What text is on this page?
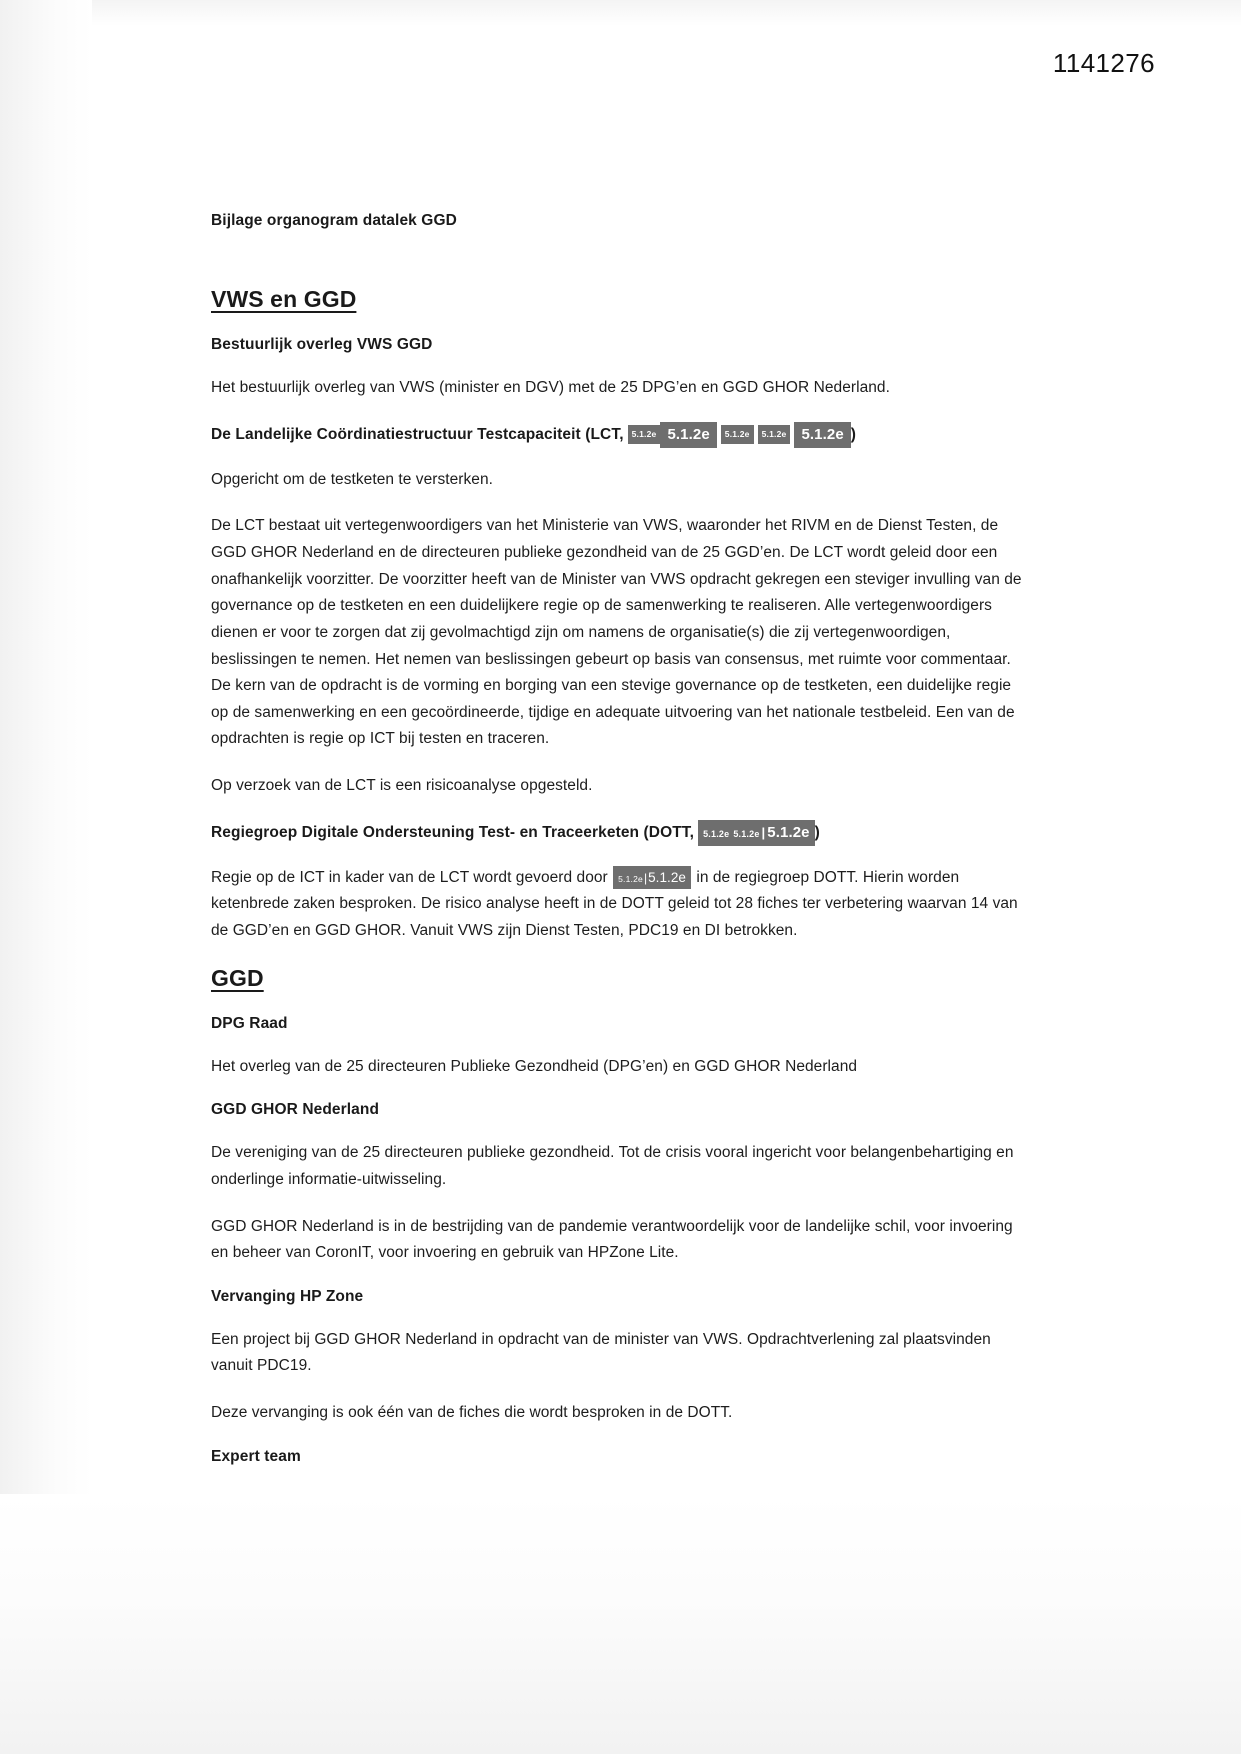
1141276
Bijlage organogram datalek GGD
VWS en GGD
Bestuurlijk overleg VWS GGD

Het bestuurlijk overleg van VWS (minister en DGV) met de 25 DPG’en en GGD GHOR Nederland.

De Landelijke Coördinatiestructuur Testcapaciteit (LCT, 5.1.2e 5.1.2e 5.1.2e 5.1.2e 5.1.2e )

Opgericht om de testketen te versterken.

De LCT bestaat uit vertegenwoordigers van het Ministerie van VWS, waaronder het RIVM en de Dienst Testen, de GGD GHOR Nederland en de directeuren publieke gezondheid van de 25 GGD’en. De LCT wordt geleid door een onafhankelijk voorzitter. De voorzitter heeft van de Minister van VWS opdracht gekregen een steviger invulling van de governance op de testketen en een duidelijkere regie op de samenwerking te realiseren. Alle vertegenwoordigers dienen er voor te zorgen dat zij gevolmachtigd zijn om namens de organisatie(s) die zij vertegenwoordigen, beslissingen te nemen. Het nemen van beslissingen gebeurt op basis van consensus, met ruimte voor commentaar. De kern van de opdracht is de vorming en borging van een stevige governance op de testketen, een duidelijke regie op de samenwerking en een gecoördineerde, tijdige en adequate uitvoering van het nationale testbeleid. Een van de opdrachten is regie op ICT bij testen en traceren.

Op verzoek van de LCT is een risicoanalyse opgesteld.

Regiegroep Digitale Ondersteuning Test- en Traceerketen (DOTT, 5.1.2e 5.1.2e | 5.1.2e )

Regie op de ICT in kader van de LCT wordt gevoerd door 5.1.2e|5.1.2e in de regiegroep DOTT. Hierin worden ketenbrede zaken besproken. De risico analyse heeft in de DOTT geleid tot 28 fiches ter verbetering waarvan 14 van de GGD’en en GGD GHOR. Vanuit VWS zijn Dienst Testen, PDC19 en DI betrokken.

GGD
DPG Raad

Het overleg van de 25 directeuren Publieke Gezondheid (DPG’en) en GGD GHOR Nederland

GGD GHOR Nederland

De vereniging van de 25 directeuren publieke gezondheid. Tot de crisis vooral ingericht voor belangenbehartiging en onderlinge informatie-uitwisseling.

GGD GHOR Nederland is in de bestrijding van de pandemie verantwoordelijk voor de landelijke schil, voor invoering en beheer van CoronIT, voor invoering en gebruik van HPZone Lite.

Vervanging HP Zone

Een project bij GGD GHOR Nederland in opdracht van de minister van VWS. Opdrachtverlening zal plaatsvinden vanuit PDC19.

Deze vervanging is ook één van de fiches die wordt besproken in de DOTT.

Expert team
